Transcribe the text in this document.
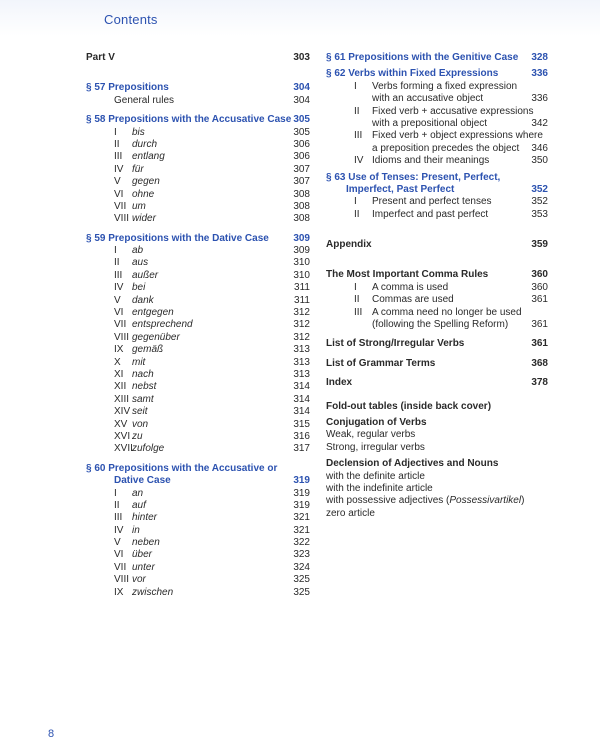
Contents
Part V	303
§ 57 Prepositions	304
General rules	304
§ 58 Prepositions with the Accusative Case 305
I bis	305
II durch	306
III entlang	306
IV für	307
V gegen	307
VI ohne	308
VII um	308
VIII wider	308
§ 59 Prepositions with the Dative Case 309
I ab	309
II aus	310
III außer	310
IV bei	311
V dank	311
VI entgegen	312
VII entsprechend	312
VIII gegenüber	312
IX gemäß	313
X mit	313
XI nach	313
XII nebst	314
XIII samt	314
XIV seit	314
XV von	315
XVI zu	316
XVII zufolge	317
§ 60 Prepositions with the Accusative or
Dative Case	319
I an	319
II auf	319
III hinter	321
IV in	321
V neben	322
VI über	323
VII unter	324
VIII vor	325
IX zwischen	325
§ 61 Prepositions with the Genitive Case 328
§ 62 Verbs within Fixed Expressions	336
I Verbs forming a fixed expression
with an accusative object	336
II Fixed verb + accusative expressions
with a prepositional object	342
III Fixed verb + object expressions where
a preposition precedes the object 346
IV Idioms and their meanings	350
§ 63 Use of Tenses: Present, Perfect,
Imperfect, Past Perfect	352
I Present and perfect tenses	352
II Imperfect and past perfect	353
Appendix	359
The Most Important Comma Rules	360
I A comma is used	360
II Commas are used	361
III A comma need no longer be used
(following the Spelling Reform) 361
List of Strong/Irregular Verbs	361
List of Grammar Terms	368
Index	378
Fold-out tables (inside back cover)
Conjugation of Verbs
Weak, regular verbs
Strong, irregular verbs
Declension of Adjectives and Nouns
with the definite article
with the indefinite article
with possessive adjectives (Possessivartikel)
zero article
8
